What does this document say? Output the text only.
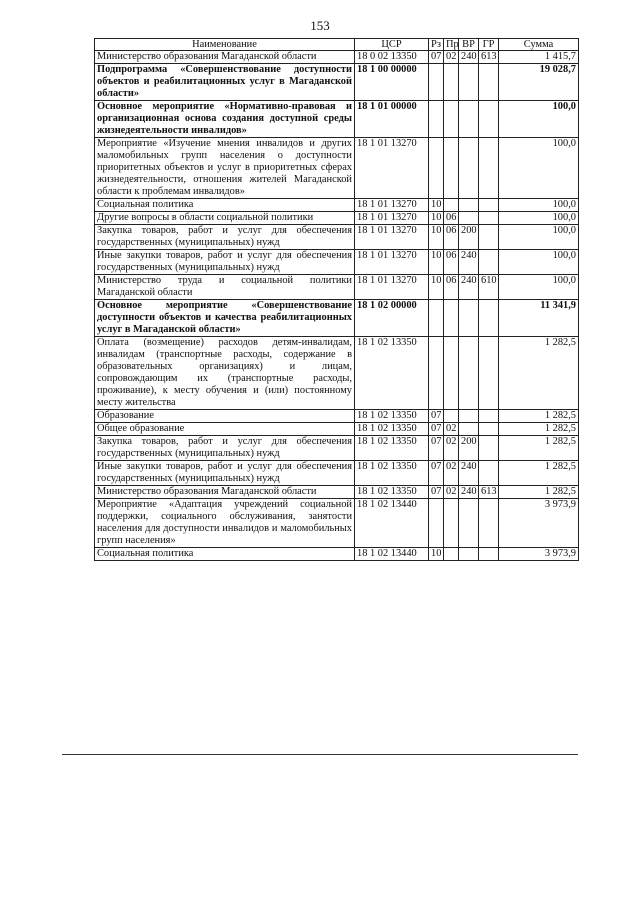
153
Наименование	ЦСР	Рз	Пр	ВР	ГР	Сумма
Министерство образования Магаданской области	18 0 02 13350	07	02	240	613	1 415,7
Подпрограмма «Совершенствование доступности объектов и реабилитационных услуг в Магаданской области»	18 1 00 00000					19 028,7
Основное мероприятие «Нормативно-правовая и организационная основа создания доступной среды жизнедеятельности инвалидов»	18 1 01 00000					100,0
Мероприятие «Изучение мнения инвалидов и других маломобильных групп населения о доступности приоритетных объектов и услуг в приоритетных сферах жизнедеятельности, отношения жителей Магаданской области к проблемам инвалидов»	18 1 01 13270					100,0
Социальная политика	18 1 01 13270	10				100,0
Другие вопросы в области социальной политики	18 1 01 13270	10	06			100,0
Закупка товаров, работ и услуг для обеспечения государственных (муниципальных) нужд	18 1 01 13270	10	06	200		100,0
Иные закупки товаров, работ и услуг для обеспечения государственных (муниципальных) нужд	18 1 01 13270	10	06	240		100,0
Министерство труда и социальной политики Магаданской области	18 1 01 13270	10	06	240	610	100,0
Основное мероприятие «Совершенствование доступности объектов и качества реабилитационных услуг в Магаданской области»	18 1 02 00000					11 341,9
Оплата (возмещение) расходов детям-инвалидам, инвалидам (транспортные расходы, содержание в образовательных организациях) и лицам, сопровождающим их (транспортные расходы, проживание), к месту обучения и (или) постоянному месту жительства	18 1 02 13350					1 282,5
Образование	18 1 02 13350	07				1 282,5
Общее образование	18 1 02 13350	07	02			1 282,5
Закупка товаров, работ и услуг для обеспечения государственных (муниципальных) нужд	18 1 02 13350	07	02	200		1 282,5
Иные закупки товаров, работ и услуг для обеспечения государственных (муниципальных) нужд	18 1 02 13350	07	02	240		1 282,5
Министерство образования Магаданской области	18 1 02 13350	07	02	240	613	1 282,5
Мероприятие «Адаптация учреждений социальной поддержки, социального обслуживания, занятости населения для доступности инвалидов и маломобильных групп населения»	18 1 02 13440					3 973,9
Социальная политика	18 1 02 13440	10				3 973,9
